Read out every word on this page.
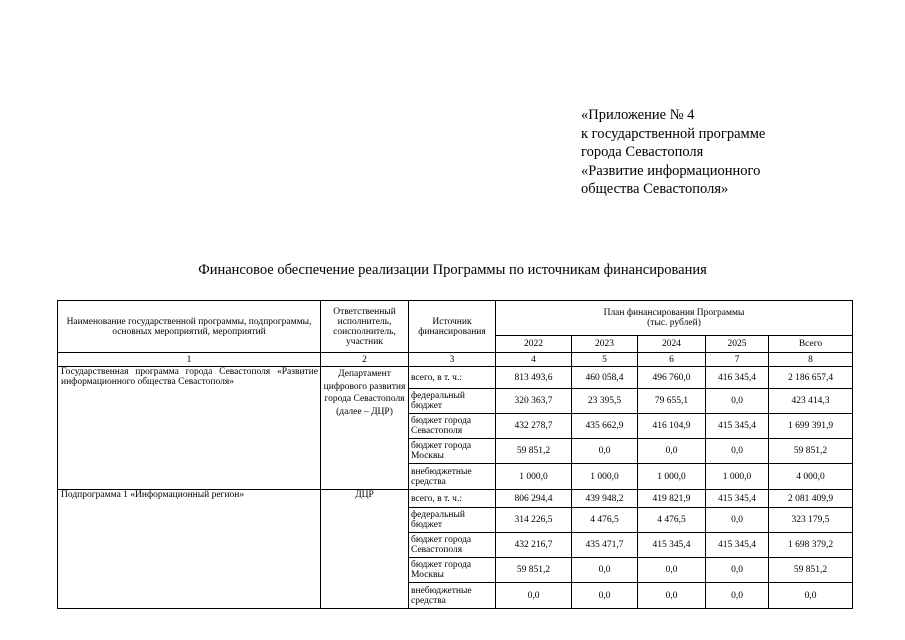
«Приложение № 4
к государственной программе
города Севастополя
«Развитие информационного
общества Севастополя»
Финансовое обеспечение реализации Программы по источникам финансирования
Наименование государственной программы, подпрограммы, основных мероприятий, мероприятий	Ответственный исполнитель, соисполнитель, участник	Источник финансирования	План финансирования Программы
(тыс. рублей)				

			2022	2023	2024	2025	Всего
1	2	3	4	5	6	7	8
Государственная программа города Севастополя «Развитие информационного общества Севастополя»	Департамент цифрового развития города Севастополя (далее – ДЦР)	всего, в т. ч.:	813 493,6	460 058,4	496 760,0	416 345,4	2 186 657,4
		федеральный бюджет	320 363,7	23 395,5	79 655,1	0,0	423 414,3
		бюджет города Севастополя	432 278,7	435 662,9	416 104,9	415 345,4	1 699 391,9
		бюджет города Москвы	59 851,2	0,0	0,0	0,0	59 851,2
		внебюджетные средства	1 000,0	1 000,0	1 000,0	1 000,0	4 000,0
Подпрограмма 1 «Информационный регион»	ДЦР	всего, в т. ч.:	806 294,4	439 948,2	419 821,9	415 345,4	2 081 409,9
		федеральный бюджет	314 226,5	4 476,5	4 476,5	0,0	323 179,5
		бюджет города Севастополя	432 216,7	435 471,7	415 345,4	415 345,4	1 698 379,2
		бюджет города Москвы	59 851,2	0,0	0,0	0,0	59 851,2
		внебюджетные средства	0,0	0,0	0,0	0,0	0,0
